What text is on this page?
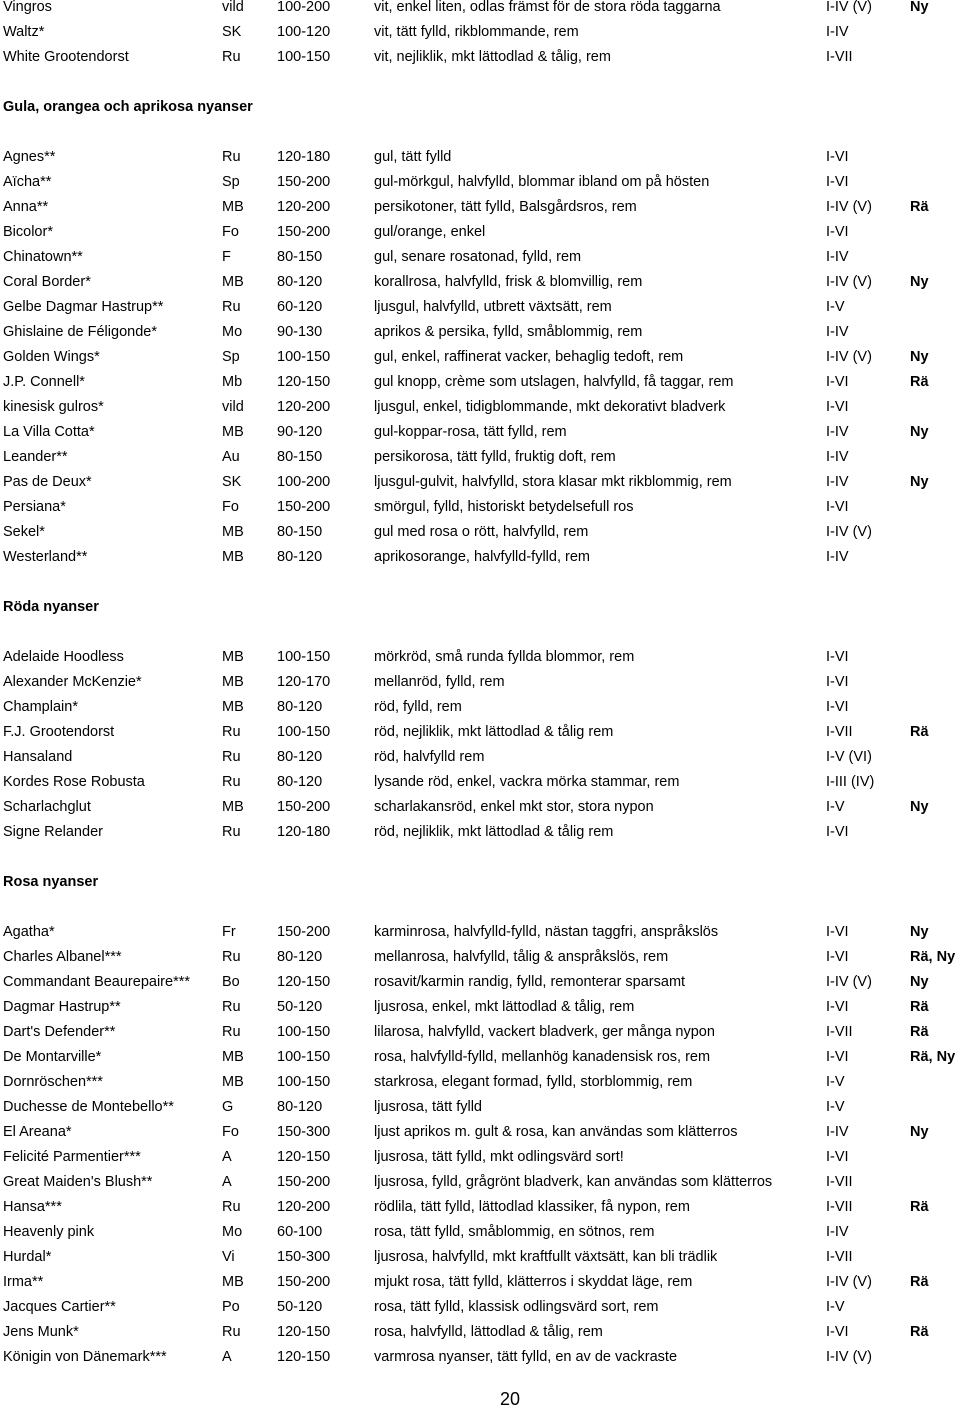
Vingros	vild 100-200	vit, enkel liten, odlas främst för de stora röda taggarna	I-IV (V)	Ny
Waltz*	SK 100-120	vit, tätt fylld, rikblommande, rem	I-IV
White Grootendorst	Ru	100-150	vit, nejliklik, mkt lättodlad & tålig, rem	I-VII
Gula, orangea och aprikosa nyanser
Agnes**	Ru	120-180	gul, tätt fylld	I-VI
Aïcha**	Sp	150-200	gul-mörkgul, halvfylld, blommar ibland om på hösten	I-VI
Anna**	MB 120-200	persikotoner, tätt fylld, Balsgårdsros, rem	I-IV (V)	Rä
Bicolor*	Fo	150-200	gul/orange, enkel	I-VI
Chinatown**	F	80-150	gul, senare rosatonad, fylld, rem	I-IV
Coral Border*	MB 80-120	korallrosa, halvfylld, frisk & blomvillig, rem	I-IV (V)	Ny
Gelbe Dagmar Hastrup**	Ru	60-120	ljusgul, halvfylld, utbrett växtsätt, rem	I-V
Ghislaine de Féligonde*	Mo 90-130	aprikos & persika, fylld, småblommig, rem	I-IV
Golden Wings*	Sp	100-150	gul, enkel, raffinerat vacker, behaglig tedoft, rem	I-IV (V)	Ny
J.P. Connell*	Mb 120-150	gul knopp, crème som utslagen, halvfylld, få taggar, rem	I-VI	Rä
kinesisk gulros*	vild 120-200	ljusgul, enkel, tidigblommande, mkt dekorativt bladverk	I-VI
La Villa Cotta*	MB 90-120	gul-koppar-rosa, tätt fylld, rem	I-IV	Ny
Leander**	Au	80-150	persikorosa, tätt fylld, fruktig doft, rem	I-IV
Pas de Deux*	SK 100-200	ljusgul-gulvit, halvfylld, stora klasar mkt rikblommig, rem	I-IV	Ny
Persiana*	Fo	150-200	smörgul, fylld, historiskt betydelsefull ros	I-VI
Sekel*	MB 80-150	gul med rosa o rött, halvfylld, rem	I-IV (V)
Westerland**	MB 80-120	aprikosorange, halvfylld-fylld, rem	I-IV
Röda nyanser
Adelaide Hoodless	MB 100-150	mörkröd, små runda fyllda blommor, rem	I-VI
Alexander McKenzie*	MB 120-170	mellanröd, fylld, rem	I-VI
Champlain*	MB 80-120	röd, fylld, rem	I-VI
F.J. Grootendorst	Ru	100-150	röd, nejliklik, mkt lättodlad & tålig rem	I-VII	Rä
Hansaland	Ru	80-120	röd, halvfylld rem	I-V (VI)
Kordes Rose Robusta	Ru	80-120	lysande röd, enkel, vackra mörka stammar, rem	I-III (IV)
Scharlachglut	MB 150-200	scharlakansröd, enkel mkt stor, stora nypon	I-V	Ny
Signe Relander	Ru	120-180	röd, nejliklik, mkt lättodlad & tålig rem	I-VI
Rosa nyanser
Agatha*	Fr	150-200	karminrosa, halvfylld-fylld, nästan taggfri, anspråkslös	I-VI	Ny
Charles Albanel***	Ru	80-120	mellanrosa, halvfylld, tålig & anspråkslös, rem	I-VI	Rä, Ny
Commandant Beaurepaire*** Bo	120-150	rosavit/karmin randig, fylld, remonterar sparsamt	I-IV (V)	Ny
Dagmar Hastrup**	Ru	50-120	ljusrosa, enkel, mkt lättodlad & tålig, rem	I-VI	Rä
Dart's Defender**	Ru	100-150	lilarosa, halvfylld, vackert bladverk, ger många nypon	I-VII	Rä
De Montarville*	MB 100-150	rosa, halvfylld-fylld, mellanhög kanadensisk ros, rem	I-VI	Rä, Ny
Dornröschen***	MB 100-150	starkrosa, elegant formad, fylld, storblommig, rem	I-V
Duchesse de Montebello**	G	80-120	ljusrosa, tätt fylld	I-V
El Areana*	Fo	150-300	ljust aprikos m. gult & rosa, kan användas som klätterros	I-IV	Ny
Felicité Parmentier***	A	120-150	ljusrosa, tätt fylld, mkt odlingsvärd sort!	I-VI
Great Maiden's Blush**	A	150-200	ljusrosa, fylld, grågrönt bladverk, kan användas som klätterros	I-VII
Hansa***	Ru	120-200	rödlila, tätt fylld, lättodlad klassiker, få nypon, rem	I-VII	Rä
Heavenly pink	Mo 60-100	rosa, tätt fylld, småblommig, en sötnos, rem	I-IV
Hurdal*	Vi	150-300	ljusrosa, halvfylld, mkt kraftfullt växtsätt, kan bli trädlik	I-VII
Irma**	MB 150-200	mjukt rosa, tätt fylld, klätterros i skyddat läge, rem	I-IV (V)	Rä
Jacques Cartier**	Po	50-120	rosa, tätt fylld, klassisk odlingsvärd sort, rem	I-V
Jens Munk*	Ru	120-150	rosa, halvfylld, lättodlad & tålig, rem	I-VI	Rä
Königin von Dänemark***	A	120-150	varmrosa nyanser, tätt fylld, en av de vackraste	I-IV (V)
20
